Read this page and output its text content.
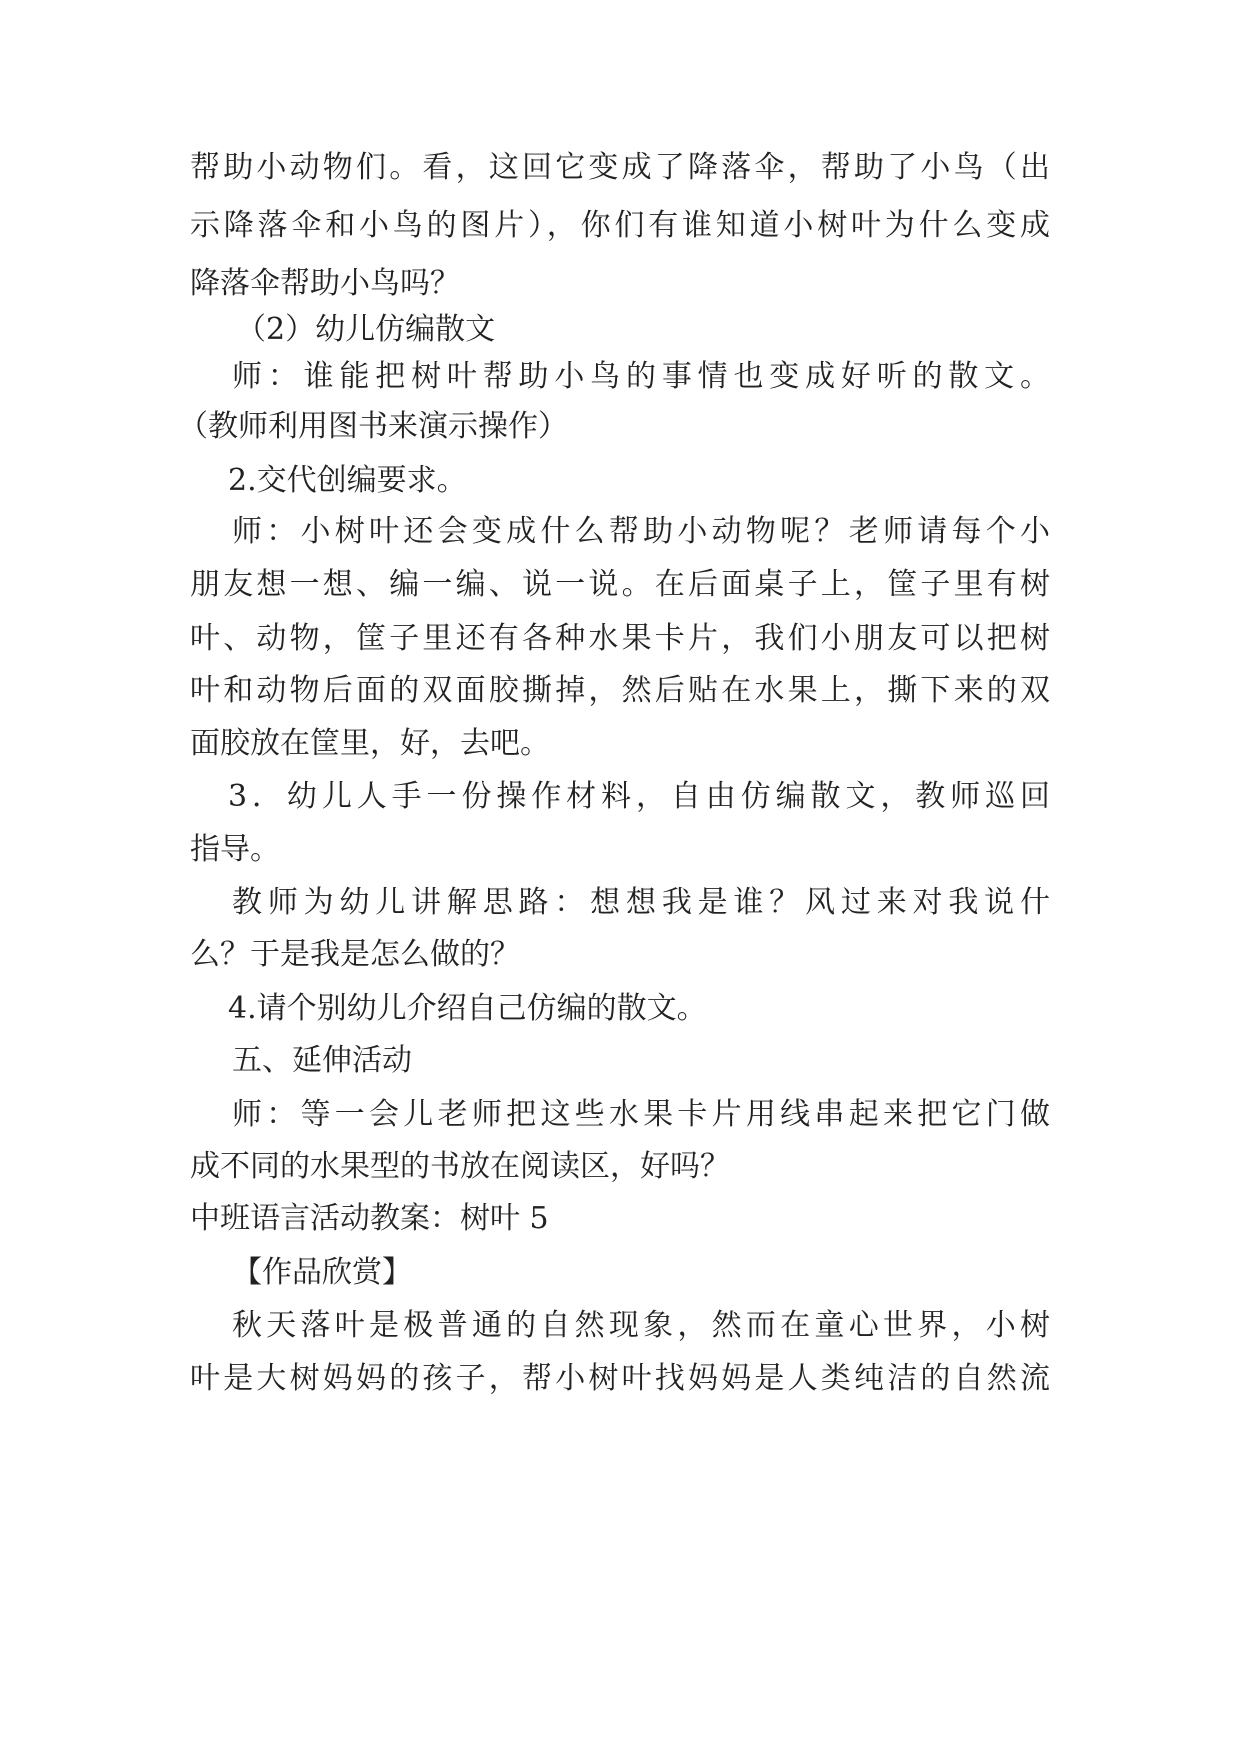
帮助小动物们。看，这回它变成了降落伞，帮助了小鸟（出
示降落伞和小鸟的图片），你们有谁知道小树叶为什么变成
降落伞帮助小鸟吗？
（2）幼儿仿编散文
师：谁能把树叶帮助小鸟的事情也变成好听的散文。
（教师利用图书来演示操作）
2.交代创编要求。
师：小树叶还会变成什么帮助小动物呢？老师请每个小
朋友想一想、编一编、说一说。在后面桌子上，筐子里有树
叶、动物，筐子里还有各种水果卡片，我们小朋友可以把树
叶和动物后面的双面胶撕掉，然后贴在水果上，撕下来的双
面胶放在筐里，好，去吧。
3．幼儿人手一份操作材料，自由仿编散文，教师巡回
指导。
教师为幼儿讲解思路：想想我是谁？风过来对我说什
么？于是我是怎么做的？
4.请个别幼儿介绍自己仿编的散文。
五、延伸活动
师：等一会儿老师把这些水果卡片用线串起来把它门做
成不同的水果型的书放在阅读区，好吗？
中班语言活动教案：树叶 5
【作品欣赏】
秋天落叶是极普通的自然现象，然而在童心世界，小树
叶是大树妈妈的孩子，帮小树叶找妈妈是人类纯洁的自然流
